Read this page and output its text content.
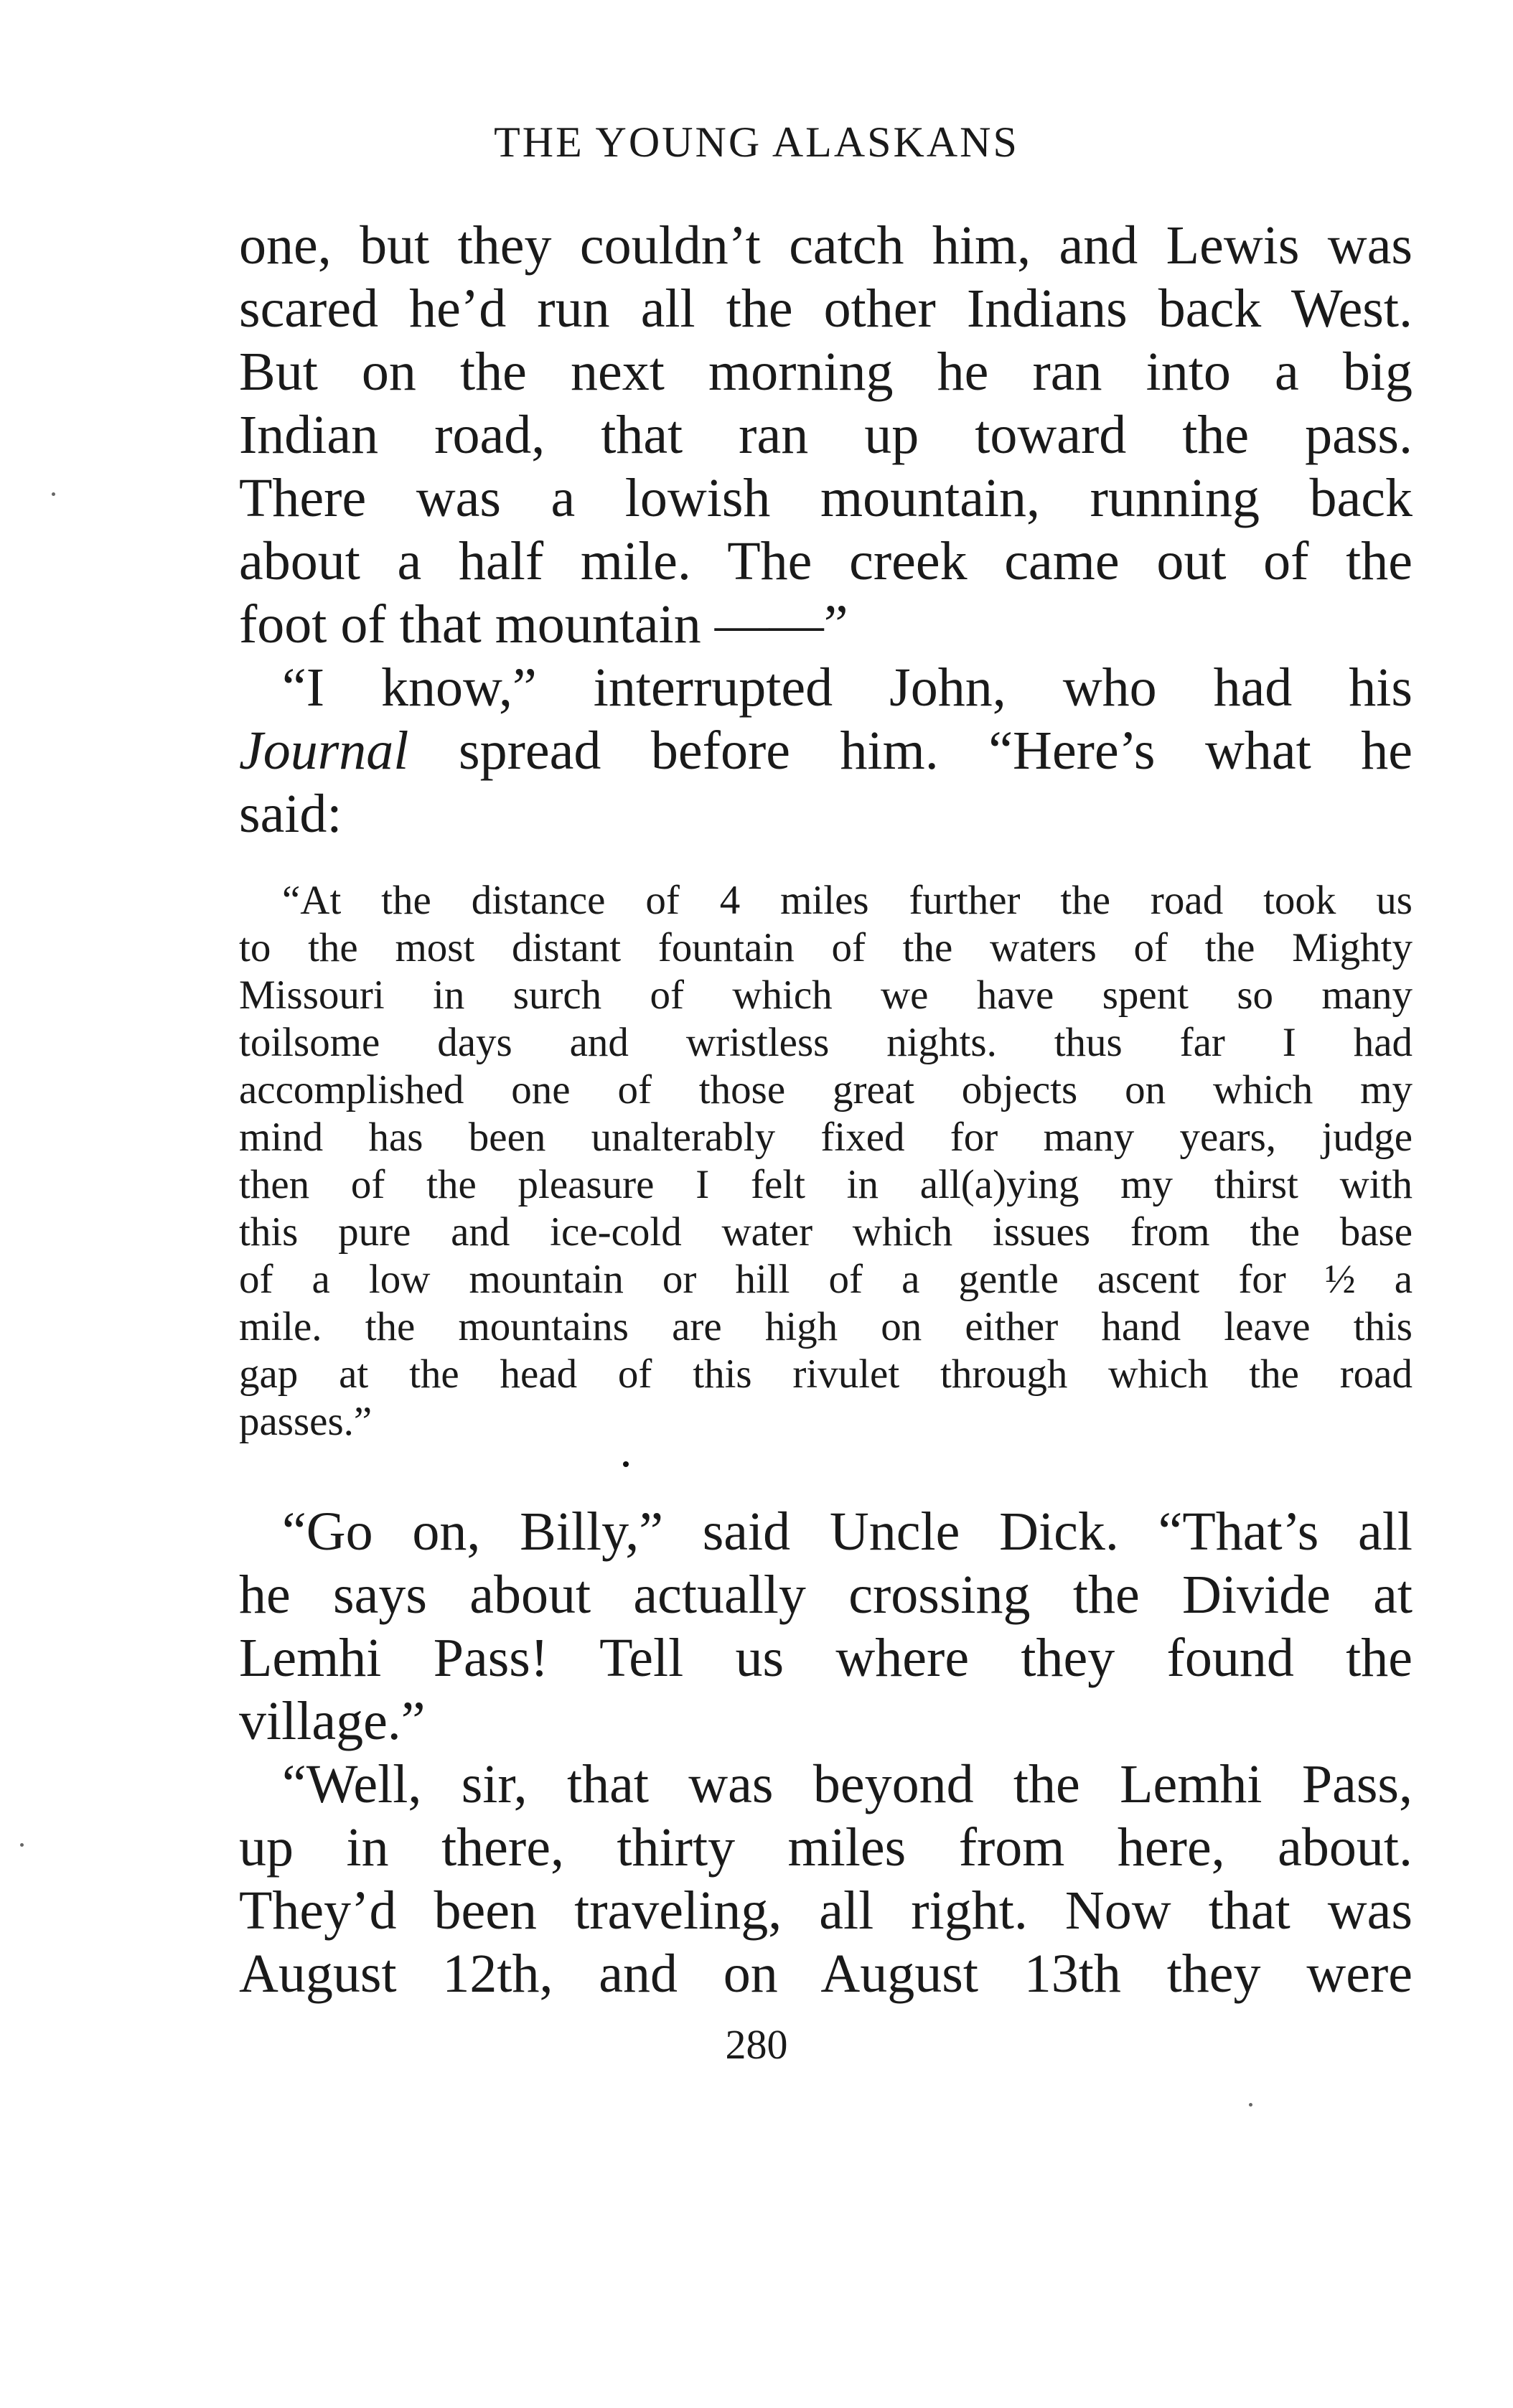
THE YOUNG ALASKANS
one, but they couldn’t catch him, and Lewis was
scared he’d run all the other Indians back West.
But on the next morning he ran into a big
Indian road, that ran up toward the pass.
There was a lowish mountain, running back
about a half mile. The creek came out of the
foot of that mountain ——”
“I know,” interrupted John, who had his
Journal spread before him. “Here’s what he
said:
“At the distance of 4 miles further the road took us
to the most distant fountain of the waters of the Mighty
Missouri in surch of which we have spent so many
toilsome days and wristless nights. thus far I had
accomplished one of those great objects on which my
mind has been unalterably fixed for many years, judge
then of the pleasure I felt in all(a)ying my thirst with
this pure and ice-cold water which issues from the base
of a low mountain or hill of a gentle ascent for ½ a
mile. the mountains are high on either hand leave this
gap at the head of this rivulet through which the road
passes.”
“Go on, Billy,” said Uncle Dick. “That’s all
he says about actually crossing the Divide at
Lemhi Pass! Tell us where they found the
village.”
“Well, sir, that was beyond the Lemhi Pass,
up in there, thirty miles from here, about.
They’d been traveling, all right. Now that was
August 12th, and on August 13th they were
280
